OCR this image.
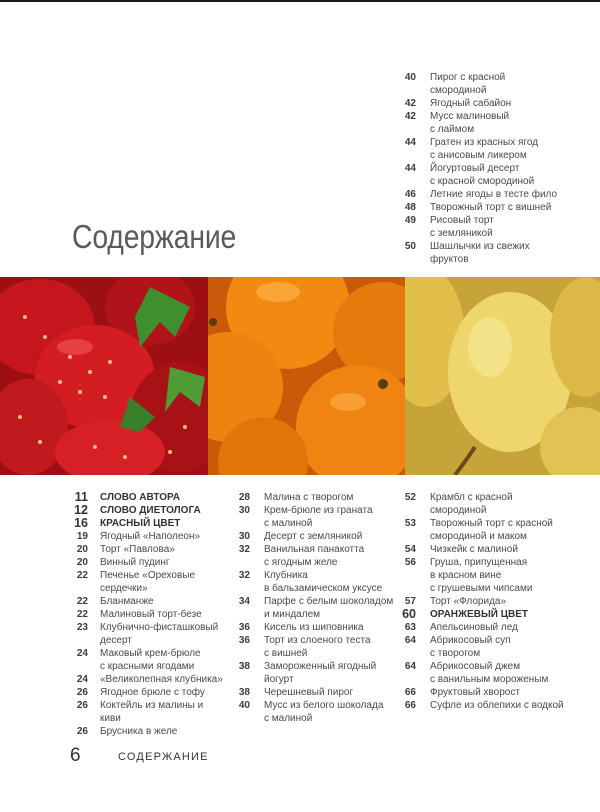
40 Пирог с красной
смородиной
42 Ягодный сабайон
42 Мусс малиновый
с лаймом
44 Гратен из красных ягод
с анисовым ликером
44 Йогуртовый десерт
с красной смородиной
46 Летние ягоды в тесте фило
48 Творожный торт с вишней
49 Рисовый торт
с земляникой
50 Шашлычки из свежих
фруктов
Содержание
11 СЛОВО АВТОРА
12 СЛОВО ДИЕТОЛОГА
16 КРАСНЫЙ ЦВЕТ
19 Ягодный «Наполеон»
20 Торт «Павлова»
20 Винный пудинг
22 Печенье «Ореховые
сердечки»
22 Бланманже
22 Малиновый торт-безе
23 Клубнично-фисташковый
десерт
24 Маковый крем-брюле
с красными ягодами
24 «Великолепная клубника»
26 Ягодное брюле с тофу
26 Коктейль из малины и киви
26 Брусника в желе
28 Малина с творогом
30 Крем-брюле из граната
с малиной
30 Десерт с земляникой
32 Ванильная панакотта
с ягодным желе
32 Клубника
в бальзамическом уксусе
34 Парфе с белым шоколадом
и миндалем
36 Кисель из шиповника
36 Торт из слоеного теста
с вишней
38 Замороженный ягодный
йогурт
38 Черешневый пирог
40 Мусс из белого шоколада
с малиной
52 Крамбл с красной
смородиной
53 Творожный торт с красной
смородиной и маком
54 Чизкейк с малиной
56 Груша, припущенная
в красном вине
с грушевыми чипсами
57 Торт «Флорида»
60 ОРАНЖЕВЫЙ ЦВЕТ
63 Апельсиновый лед
64 Абрикосовый суп
с творогом
64 Абрикосовый джем
с ванильным мороженым
66 Фруктовый хворост
66 Суфле из облепихи с водкой
6	СОДЕРЖАНИЕ
